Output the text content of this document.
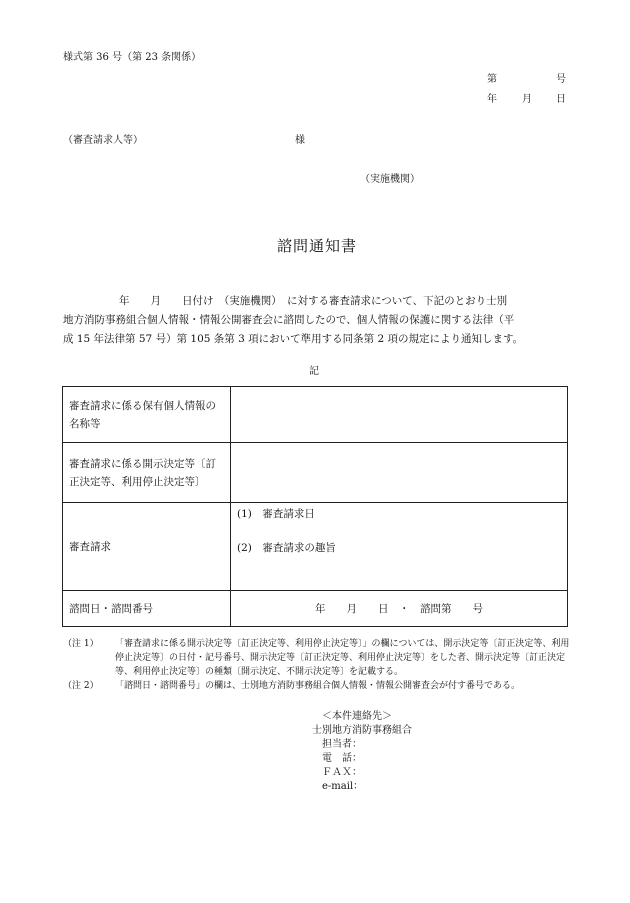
様式第 36 号（第 23 条関係）
第	号
年	月 日
（審査請求人等）	様
（実施機関）
諮問通知書
年　　月　　日付け　（実施機関）　に対する審査請求について、下記のとおり士別
地方消防事務組合個人情報・情報公開審査会に諮問したので、個人情報の保護に関する法律（平
成 15 年法律第 57 号）第 105 条第 3 項において準用する同条第 2 項の規定により通知します。
記
審査請求に係る保有個人情報の名称等	
審査請求に係る開示決定等〔訂正決定等、利用停止決定等〕	
審査請求	(1)　審査請求日
(2)　審査請求の趣旨

諮問日・諮問番号	年　　月　　日　・　諮問第　　号
（注 1）	「審査請求に係る開示決定等〔訂正決定等、利用停止決定等〕」の欄については、開示決定等〔訂正決定等、利用停止決定等〕の日付・記号番号、開示決定等〔訂正決定等、利用停止決定等〕をした者、開示決定等〔訂正決定等、利用停止決定等〕の種類〔開示決定、不開示決定等〕を記載する。
（注 2）	「諮問日・諮問番号」の欄は、士別地方消防事務組合個人情報・情報公開審査会が付す番号である。
＜本件連絡先＞
士別地方消防事務組合
担当者：
電　話：
ＦＡＸ：
e-mail：
